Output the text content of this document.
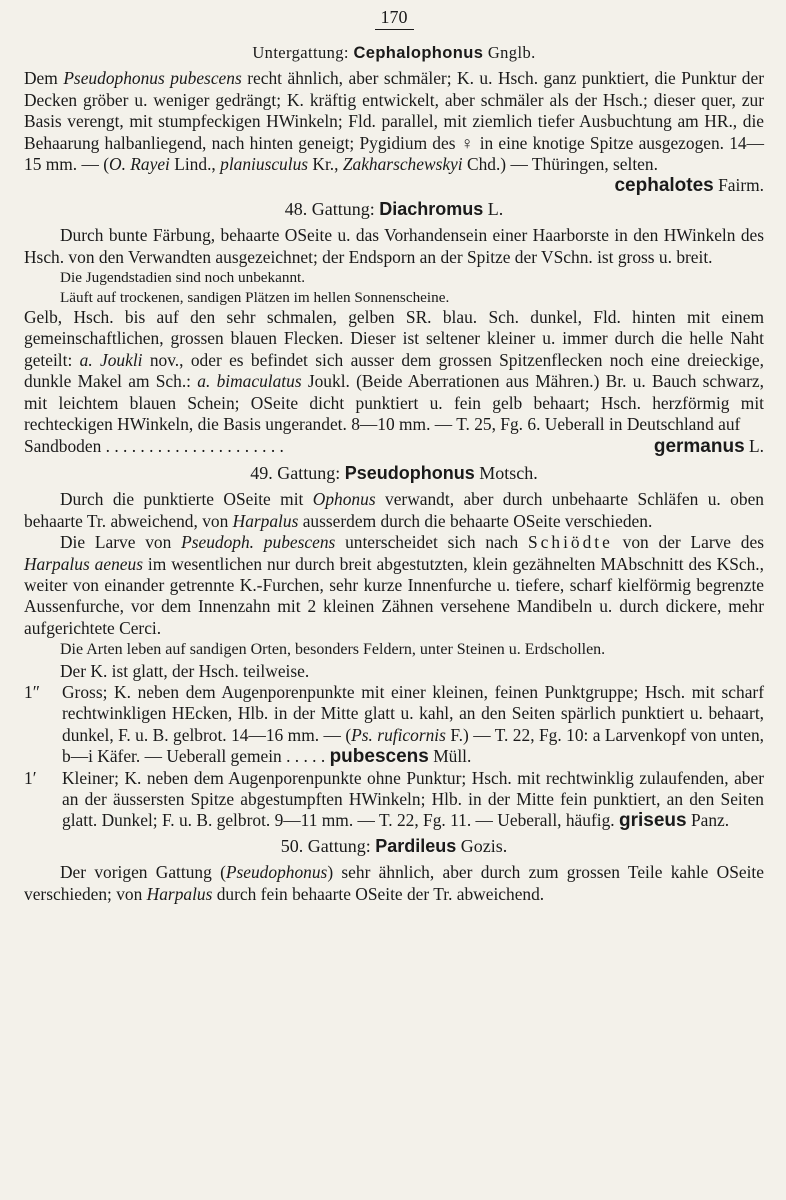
170
Untergattung: Cephalophonus Gnglb.

Dem Pseudophonus pubescens recht ähnlich, aber schmäler; K. u. Hsch. ganz punktiert, die Punktur der Decken gröber u. weniger gedrängt; K. kräftig entwickelt, aber schmäler als der Hsch.; dieser quer, zur Basis verengt, mit stumpfeckigen HWinkeln; Fld. parallel, mit ziemlich tiefer Ausbuchtung am HR., die Behaarung halbanliegend, nach hinten geneigt; Pygidium des ♀ in eine knotige Spitze ausgezogen. 14—15 mm. — (O. Rayei Lind., planiusculus Kr., Zakharschewskyi Chd.) — Thüringen, selten.

cephalotes Fairm.

48. Gattung: Diachromus L.

Durch bunte Färbung, behaarte OSeite u. das Vorhandensein einer Haarborste in den HWinkeln des Hsch. von den Verwandten ausgezeichnet; der Endsporn an der Spitze der VSchn. ist gross u. breit.

Die Jugendstadien sind noch unbekannt.

Läuft auf trockenen, sandigen Plätzen im hellen Sonnenscheine.

Gelb, Hsch. bis auf den sehr schmalen, gelben SR. blau. Sch. dunkel, Fld. hinten mit einem gemeinschaftlichen, grossen blauen Flecken. Dieser ist seltener kleiner u. immer durch die helle Naht geteilt: a. Joukli nov., oder es befindet sich ausser dem grossen Spitzenflecken noch eine dreieckige, dunkle Makel am Sch.: a. bimaculatus Joukl. (Beide Aberrationen aus Mähren.) Br. u. Bauch schwarz, mit leichtem blauen Schein; OSeite dicht punktiert u. fein gelb behaart; Hsch. herzförmig mit rechteckigen HWinkeln, die Basis ungerandet. 8—10 mm. — T. 25, Fg. 6. Ueberall in Deutschland auf

Sandboden . . . . . . . . . . . . . . . . . . . . .	germanus L.

49. Gattung: Pseudophonus Motsch.

Durch die punktierte OSeite mit Ophonus verwandt, aber durch unbehaarte Schläfen u. oben behaarte Tr. abweichend, von Harpalus ausserdem durch die behaarte OSeite verschieden.

Die Larve von Pseudoph. pubescens unterscheidet sich nach Schiödte von der Larve des Harpalus aeneus im wesentlichen nur durch breit abgestutzten, klein gezähnelten MAbschnitt des KSch., weiter von einander getrennte K.-Furchen, sehr kurze Innenfurche u. tiefere, scharf kielförmig begrenzte Aussenfurche, vor dem Innenzahn mit 2 kleinen Zähnen versehene Mandibeln u. durch dickere, mehr aufgerichtete Cerci.

Die Arten leben auf sandigen Orten, besonders Feldern, unter Steinen u. Erdschollen.

Der K. ist glatt, der Hsch. teilweise.

1″	Gross; K. neben dem Augenporenpunkte mit einer kleinen, feinen Punktgruppe; Hsch. mit scharf rechtwinkligen HEcken, Hlb. in der Mitte glatt u. kahl, an den Seiten spärlich punktiert u. behaart, dunkel, F. u. B. gelbrot. 14—16 mm. — (Ps. ruficornis F.) — T. 22, Fg. 10: a Larvenkopf von unten, b—i Käfer. — Ueberall gemein . . . . . pubescens Müll.
1′	Kleiner; K. neben dem Augenporenpunkte ohne Punktur; Hsch. mit rechtwinklig zulaufenden, aber an der äussersten Spitze abgestumpften HWinkeln; Hlb. in der Mitte fein punktiert, an den Seiten glatt. Dunkel; F. u. B. gelbrot. 9—11 mm. — T. 22, Fg. 11. — Ueberall, häufig. griseus Panz.
50. Gattung: Pardileus Gozis.

Der vorigen Gattung (Pseudophonus) sehr ähnlich, aber durch zum grossen Teile kahle OSeite verschieden; von Harpalus durch fein behaarte OSeite der Tr. abweichend.
